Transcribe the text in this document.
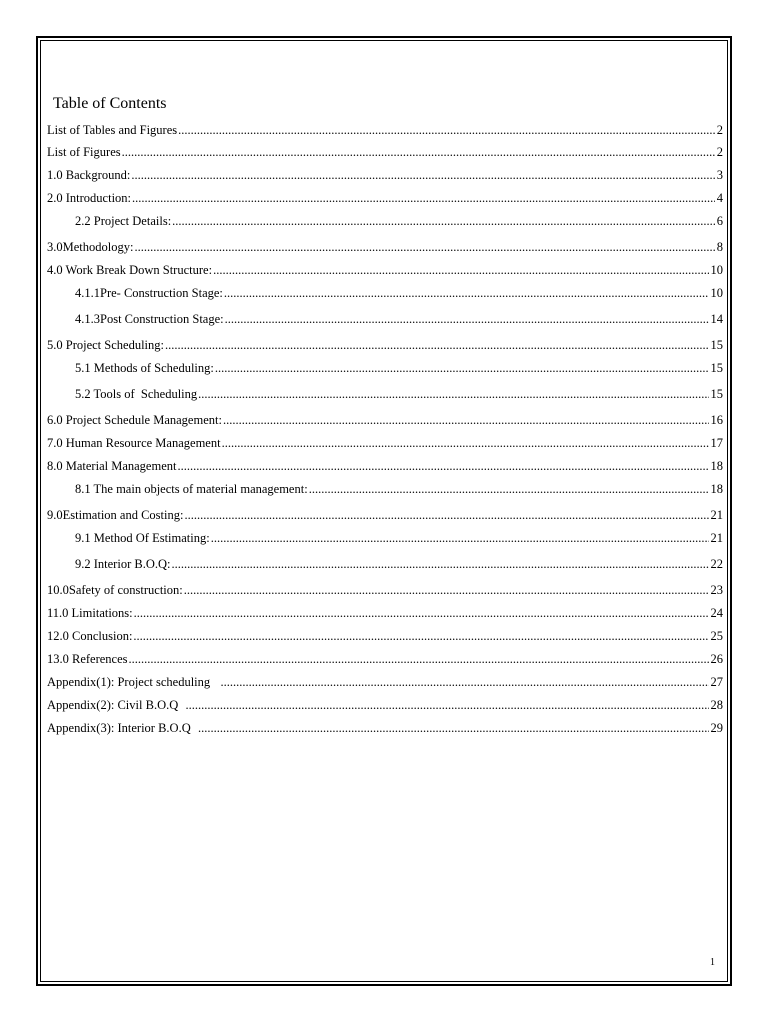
Table of Contents
List of Tables and Figures .....	2
List of Figures .....	2
1.0 Background: .....	3
2.0 Introduction: .....	4
2.2 Project Details: .....	6
3.0Methodology: .....	8
4.0 Work Break Down Structure: .....	10
4.1.1Pre- Construction Stage: .....	10
4.1.3Post Construction Stage: .....	14
5.0 Project Scheduling: .....	15
5.1 Methods of Scheduling: .....	15
5.2 Tools of  Scheduling .....	15
6.0 Project Schedule Management: .....	16
7.0 Human Resource Management .....	17
8.0 Material Management .....	18
8.1 The main objects of material management: .....	18
9.0Estimation and Costing: .....	21
9.1 Method Of Estimating: .....	21
9.2 Interior B.O.Q: .....	22
10.0Safety of construction: .....	23
11.0 Limitations: .....	24
12.0 Conclusion: .....	25
13.0 References .....	26
Appendix(1): Project scheduling .....	27
Appendix(2): Civil B.O.Q .....	28
Appendix(3): Interior B.O.Q .....	29
1
